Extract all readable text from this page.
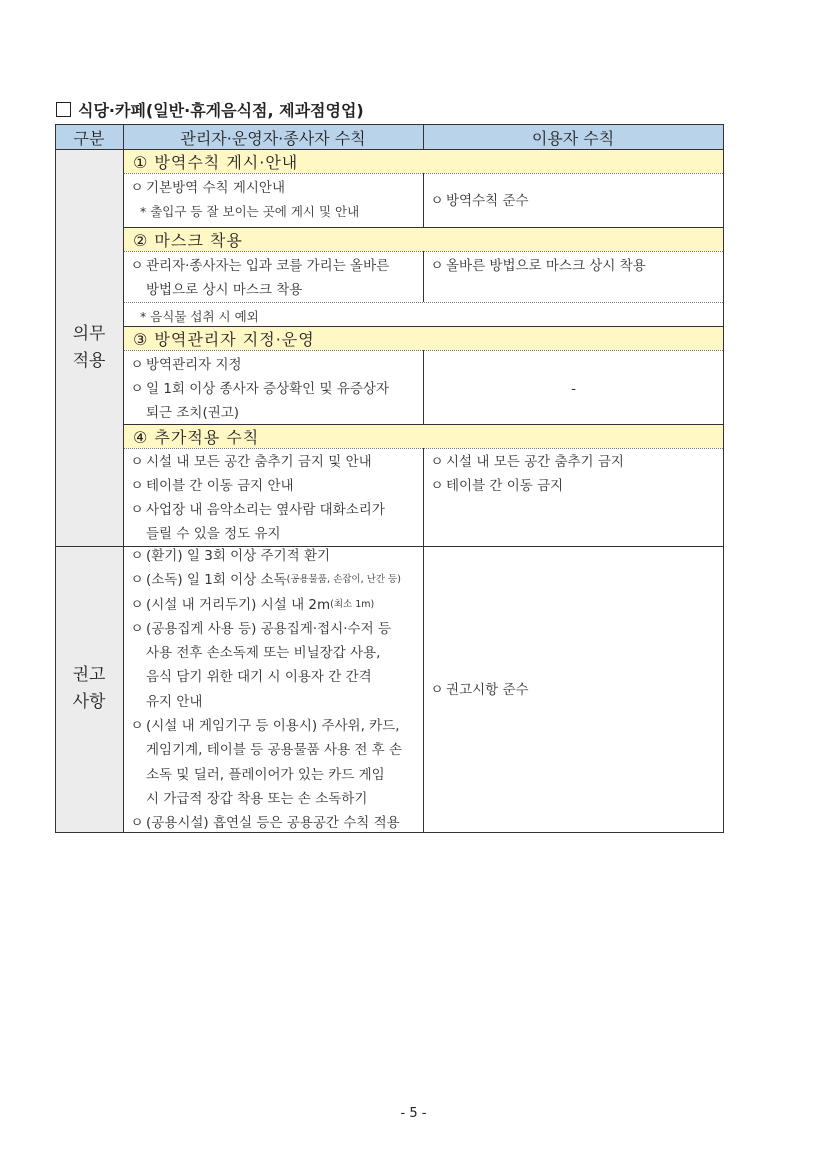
식당·카페(일반·휴게음식점, 제과점영업)
구분	관리자·운영자·종사자 수칙	이용자 수칙
의무
적용
권고
사항
① 방역수칙 게시·안내
② 마스크 착용
③ 방역관리자 지정·운영
④ 추가적용 수칙
ㅇ 기본방역 수칙 게시안내
* 출입구 등 잘 보이는 곳에 게시 및 안내
ㅇ 방역수칙 준수
ㅇ 관리자·종사자는 입과 코를 가리는 올바른
방법으로 상시 마스크 착용
ㅇ 올바른 방법으로 마스크 상시 착용
* 음식물 섭취 시 예외
ㅇ 방역관리자 지정
ㅇ 일 1회 이상 종사자 증상확인 및 유증상자
퇴근 조치(권고)
-
ㅇ 시설 내 모든 공간 춤추기 금지 및 안내
ㅇ 테이블 간 이동 금지 안내
ㅇ 사업장 내 음악소리는 옆사람 대화소리가
들릴 수 있을 정도 유지
ㅇ 시설 내 모든 공간 춤추기 금지
ㅇ 테이블 간 이동 금지
ㅇ (환기) 일 3회 이상 주기적 환기
ㅇ (소독) 일 1회 이상 소독 (공용물품, 손잡이, 난간 등)
ㅇ (시설 내 거리두기) 시설 내 2m (최소 1m)
ㅇ (공용집게 사용 등) 공용집게·접시·수저 등
사용 전후 손소독제 또는 비닐장갑 사용,
음식 담기 위한 대기 시 이용자 간 간격
유지 안내
ㅇ (시설 내 게임기구 등 이용시) 주사위, 카드,
게임기계, 테이블 등 공용물품 사용 전 후 손
소독 및 딜러, 플레이어가 있는 카드 게임
시 가급적 장갑 착용 또는 손 소독하기
ㅇ (공용시설) 흡연실 등은 공용공간 수칙 적용
ㅇ 권고시항 준수
- 5 -
